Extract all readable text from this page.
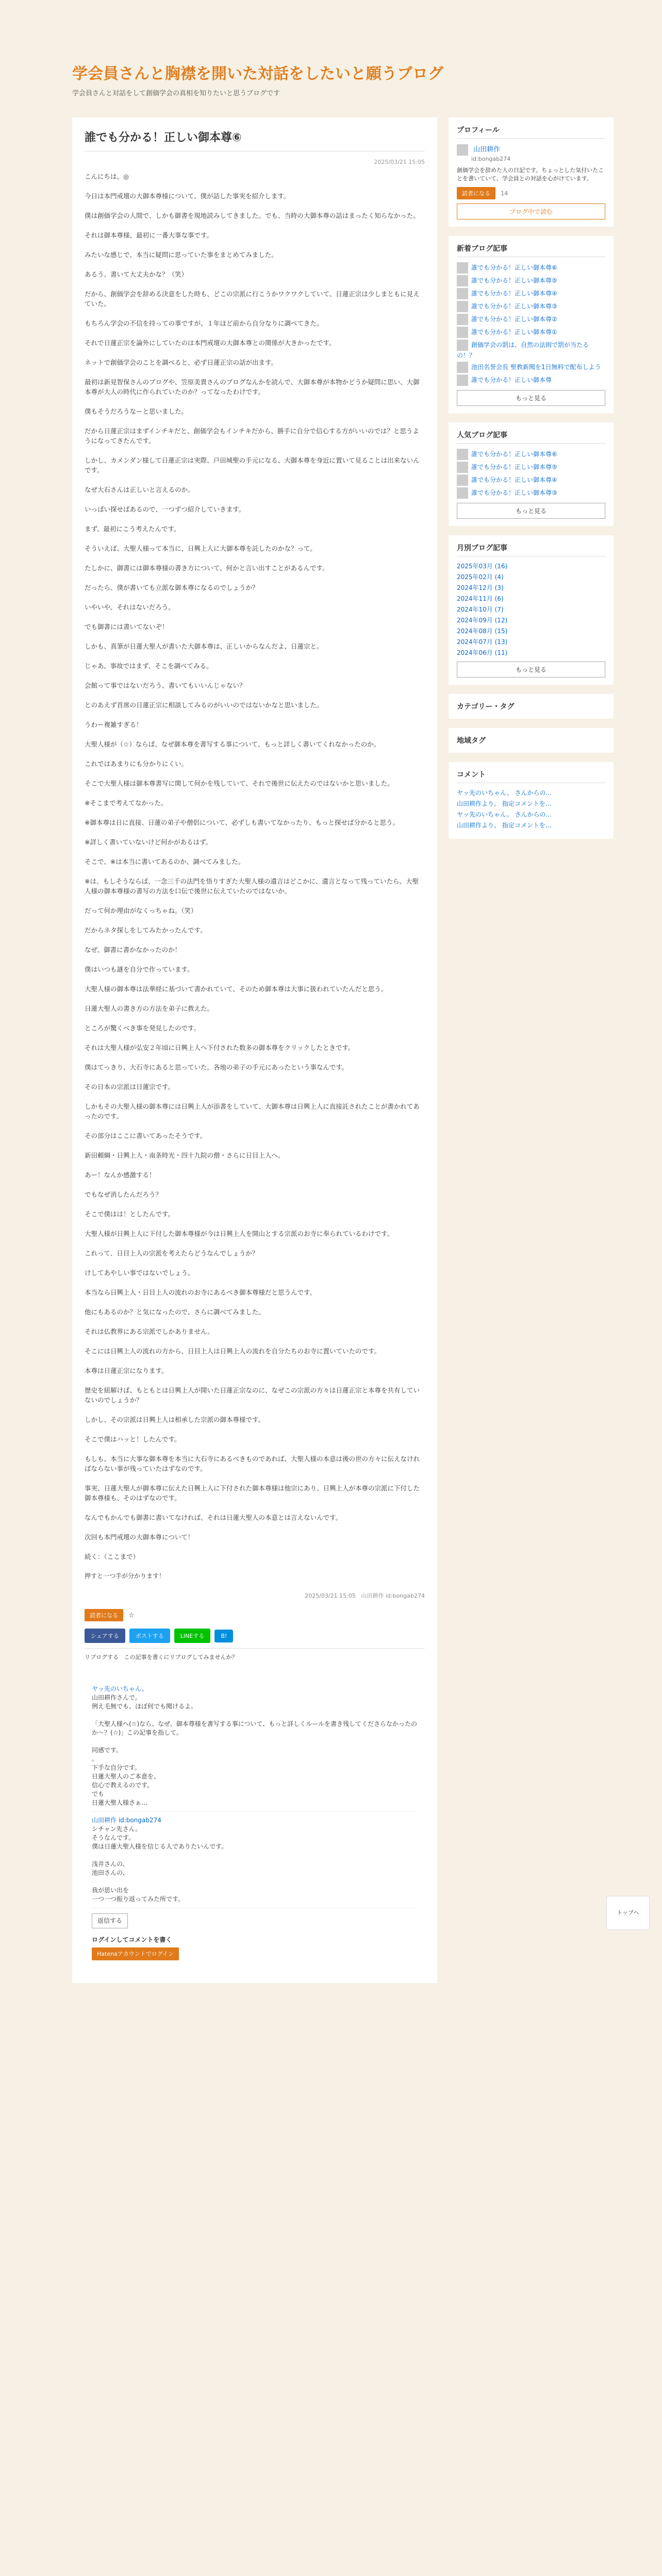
学会員さんと胸襟を開いた対話をしたいと願うブログ
学会員さんと対話をして創価学会の真相を知りたいと思うブログです
誰でも分かる！正しい御本尊⑥
2025/03/21 15:05

こんにちは。◎

今日は本門戒壇の大御本尊様について、僕が話した事実を紹介します。

僕は創価学会の人間で、しかも御書を現地読みしてきました。でも、当時の大御本尊の話はまったく知らなかった。

それは御本尊様、最初に一番大事な事です。

みたいな感じで、本当に疑問に思っていた事をまとめてみました。

あるう、書いて大丈夫かな？（笑）

だから、創価学会を辞める決意をした時も、どこの宗派に行こうかワクワクしていて、日蓮正宗は少しまともに見えていた。

もちろん学会の不信を持っての事ですが、１年ほど前から自分なりに調べてきた。

それで日蓮正宗を論外にしていたのは本門戒壇の大御本尊との関係が大きかったです。

ネットで創価学会のことを調べると、必ず日蓮正宗の話が出ます。

最初は新見智保さんのブログや、笠原美貴さんのブログなんかを読んで、大御本尊が本物かどうか疑問に思い、大御本尊が大人の時代に作られていたのか？ってなったわけです。

僕もそうだろうなーと思いました。

だから日蓮正宗はまずインチキだと、創価学会もインチキだから、勝手に自分で信心する方がいいのでは？と思うようになってきたんです。

しかし、カメンダン様して日蓮正宗は実際、戸田城聖の手元になる、大御本尊を身近に置いて見ることは出来ないんです。

なぜ大石さんは正しいと言えるのか。

いっぱい探せばあるので、一つずつ紹介していきます。

まず、最初にこう考えたんです。

そういえば、大聖人様って本当に、日興上人に大御本尊を託したのかな？って。

たしかに、御書には御本尊様の書き方について、何かと言い出すことがあるんです。

だったら、僕が書いても立派な御本尊になるのでしょうか？

いやいや、それはないだろう。

でも御書には書いてないぞ！

しかも、真筆が日蓮大聖人が書いた大御本尊は、正しいからなんだよ、日蓮宗と。

じゃあ、事故ではまず、そこを調べてみる。

会館って事ではないだろう、書いてもいいんじゃない？

とのあえず首席の日蓮正宗に相談してみるのがいいのではないかなと思いました。

うわー複雑すぎる！

大聖人様が（☆）ならば、なぜ御本尊を書写する事について、もっと詳しく書いてくれなかったのか。

これではあまりにも分かりにくい。

そこで大聖人様は御本尊書写に関して何かを残していて、それで後世に伝えたのではないかと思いました。

※そこまで考えてなかった。

※御本尊は日に直接、日蓮の弟子や僧侶について、必ずしも書いてなかったり、もっと探せば分かると思う。

※詳しく書いていないけど何かがあるはず。

そこで、※は本当に書いてあるのか、調べてみました。

※は、もしそうならば、一念三千の法門を悟りすぎた大聖人様の遺言はどこかに、遺言となって残っていたら、大聖人様の御本尊様の書写の方法を口伝で後世に伝えていたのではないか。

だって何か理由がなくっちゃね。（笑）

だからネタ探しをしてみたかったんです。

なぜ、御書に書かなかったのか！

僕はいつも謎を自分で作っています。

大聖人様の御本尊は法華経に基づいて書かれていて、そのため御本尊は大事に扱われていたんだと思う。

日蓮大聖人の書き方の方法を弟子に教えた。

ところが驚くべき事を発見したのです。

それは大聖人様が弘安２年頃に日興上人へ下付された数多の御本尊をクリックしたときです。

僕はてっきり、大石寺にあると思っていた。各地の弟子の手元にあったという事なんです。

その日本の宗派は日蓮宗です。

しかもその大聖人様の御本尊には日興上人が添書をしていて、大御本尊は日興上人に直接託されたことが書かれてあったのです。

その部分はここに書いてあったそうです。

新田頼綱・日興上人・南条時光・四十九院の僧・さらに日目上人へ。

あー！なんか感激する！

でもなぜ消したんだろう？

そこで僕はは！としたんです。

大聖人様が日興上人に下付した御本尊様が今は日興上人を開山とする宗派のお寺に奉られているわけです。

これって、日目上人の宗派を考えたらどうなんでしょうか？

けしてあやしい事ではないでしょう。

本当なら日興上人・日目上人の流れのお寺にあるべき御本尊様だと思うんです。

他にもあるのか？と気になったので、さらに調べてみました。

それは仏教界にある宗派でしかありません。

そこには日興上人の流れの方から、日目上人は日興上人の流れを自分たちのお寺に置いていたのです。

本尊は日蓮正宗になります。

歴史を紐解けば、もともとは日興上人が開いた日蓮正宗なのに、なぜこの宗派の方々は日蓮正宗と本尊を共有していないのでしょうか？

しかし、その宗派は日興上人は相承した宗派の御本尊様です。

そこで僕はハッと！したんです。

もしも、本当に大事な御本尊を本当に大石寺にあるべきものであれば、大聖人様の本意は後の世の方々に伝えなければならない事が残っていたはずなのです。

事実、日蓮大聖人が御本尊に伝えた日興上人に下付された御本尊様は他宗にあり、日興上人が本尊の宗派に下付した御本尊様も、そのはずなのです。

なんでもかんでも御書に書いてなければ、それは日蓮大聖人の本意とは言えないんです。

次回も本門戒壇の大御本尊について！

続く：（ここまで）

押すと一つ手が分かります！
2025/03/21 15:05 山田耕作 id:bongab274
読者になる ☆
シェアする	ポストする	LINEする	B!
リブログする この記事を書くにリブログしてみませんか？
ヤッ先のいちゃん。
山田耕作さんで。
例え毛無でも、ほぼ何でも聞けるよ。

「大聖人様へ(☆)なら、なぜ、御本尊様を書写する事について、もっと詳しくルールを書き残してくださらなかったのか～？(☆)」この記事を指して。

同感です。
。
下手な自分です。
日蓮大聖人のご本意を、
信心で教えるのです。
でも
日蓮大聖人様さぁ…
山田耕作 id:bongab274
シチャン先さん。
そうなんです。
僕は日蓮大聖人様を信じる人でありたいんです。

浅井さんの、
池田さんの、

我が思い出を
一つ一つ振り返ってみた所です。
返信する
ログインしてコメントを書く
Hatenaアカウントでログイン
プロフィール
山田耕作
id:bongab274
創価学会を辞めた人の日記です。ちょっとした気付いたことを書いていて、学会員との対話を心がけています。
読者になる 14
ブログ中で読む
新着ブログ記事
誰でも分かる！正しい御本尊⑥
誰でも分かる！正しい御本尊⑤
誰でも分かる！正しい御本尊④
誰でも分かる！正しい御本尊③
誰でも分かる！正しい御本尊②
誰でも分かる！正しい御本尊①
創価学会の罰は、自然の法則で罰が当たるの！？
池田名誉会長 聖教新聞を1日無料で配布しよう
誰でも分かる！正しい御本尊
もっと見る
人気ブログ記事
誰でも分かる！正しい御本尊⑥
誰でも分かる！正しい御本尊⑤
誰でも分かる！正しい御本尊④
誰でも分かる！正しい御本尊③
もっと見る
月別ブログ記事
2025年03月 (16)
2025年02月 (4)
2024年12月 (3)
2024年11月 (6)
2024年10月 (7)
2024年09月 (12)
2024年08月 (15)
2024年07月 (13)
2024年06月 (11)
もっと見る
カテゴリー・タグ
地域タグ
コメント
ヤッ先のいちゃん。 さんからの...
山田耕作より。 指定コメントを...
ヤッ先のいちゃん。 さんからの...
山田耕作より。 指定コメントを...
トップへ
